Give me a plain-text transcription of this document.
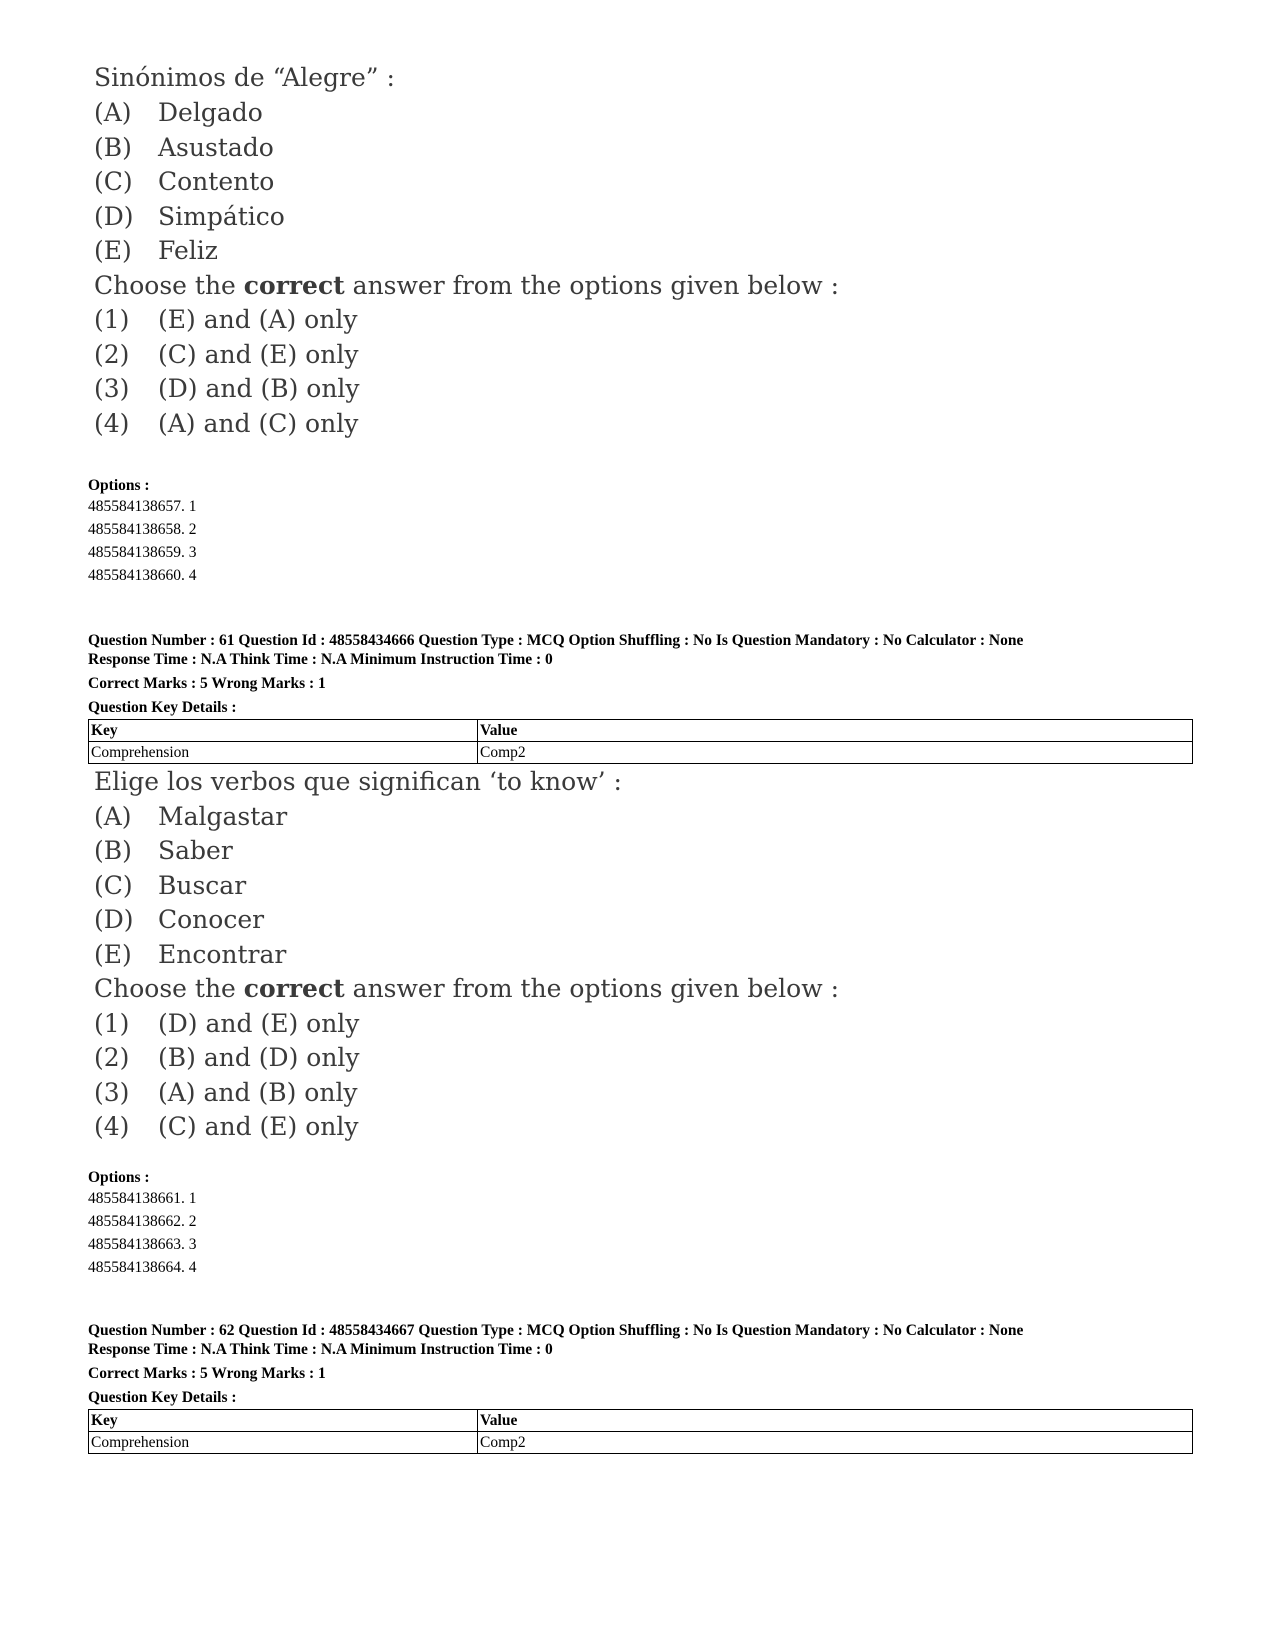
Sinónimos de “Alegre” :
(A) Delgado
(B) Asustado
(C) Contento
(D) Simpático
(E) Feliz
Choose the correct answer from the options given below :
(1) (E) and (A) only
(2) (C) and (E) only
(3) (D) and (B) only
(4) (A) and (C) only
Options :
485584138657. 1
485584138658. 2
485584138659. 3
485584138660. 4
Question Number : 61 Question Id : 48558434666 Question Type : MCQ Option Shuffling : No Is Question Mandatory : No Calculator : None
Response Time : N.A Think Time : N.A Minimum Instruction Time : 0
Correct Marks : 5 Wrong Marks : 1
Question Key Details :
Key	Value
Comprehension	Comp2
Elige los verbos que significan ‘to know’ :
(A) Malgastar
(B) Saber
(C) Buscar
(D) Conocer
(E) Encontrar
Choose the correct answer from the options given below :
(1) (D) and (E) only
(2) (B) and (D) only
(3) (A) and (B) only
(4) (C) and (E) only
Options :
485584138661. 1
485584138662. 2
485584138663. 3
485584138664. 4
Question Number : 62 Question Id : 48558434667 Question Type : MCQ Option Shuffling : No Is Question Mandatory : No Calculator : None
Response Time : N.A Think Time : N.A Minimum Instruction Time : 0
Correct Marks : 5 Wrong Marks : 1
Question Key Details :
Key	Value
Comprehension	Comp2
